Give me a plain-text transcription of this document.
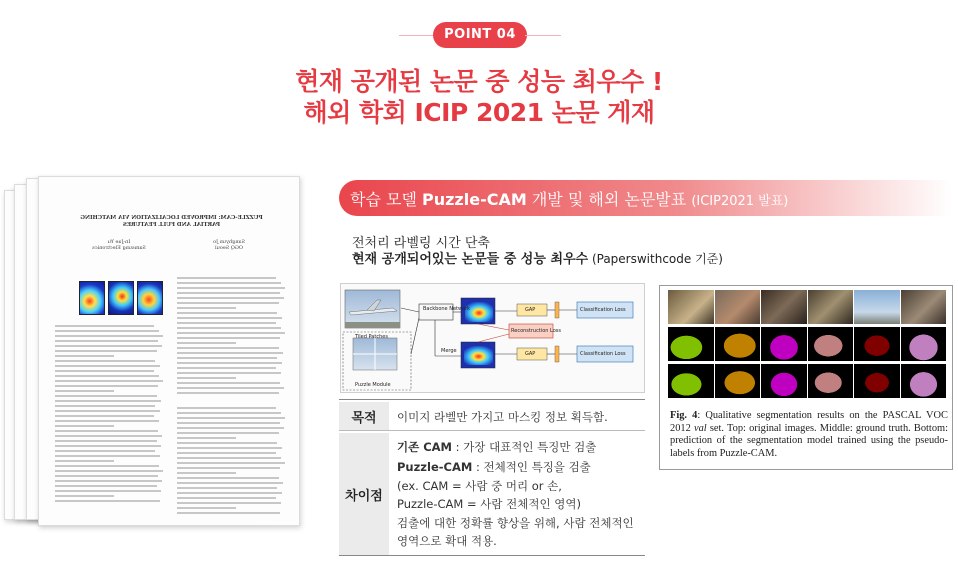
POINT 04
현재 공개된 논문 중 성능 최우수 !
해외 학회 ICIP 2021 논문 게재
PUZZLE-CAM: IMPROVED LOCALIZATION VIA MATCHING PARTIAL AND FULL FEATURES
Sanghyun Jo
OGQ Seoul
In-Jae Yu
Samsung Electronics
학습 모델 Puzzle-CAM 개발 및 해외 논문발표 (ICIP2021 발표)
전처리 라벨링 시간 단축
현재 공개되어있는 논문들 중 성능 최우수 (Paperswithcode 기준)
Backbone Network	GAP
GAP
Reconstruction Loss
Classification Loss
Classification Loss
Tiled Patches
Puzzle Module
Merge
목적	이미지 라벨만 가지고 마스킹 정보 획득함.
차이점
기존 CAM : 가장 대표적인 특징만 검출
Puzzle-CAM : 전체적인 특징을 검출
(ex. CAM = 사람 중 머리 or 손,
Puzzle-CAM = 사람 전체적인 영역)
검출에 대한 정확률 향상을 위해, 사람 전체적인
영역으로 확대 적용.
Fig. 4: Qualitative segmentation results on the PASCAL VOC 2012 val set. Top: original images. Middle: ground truth. Bottom: prediction of the segmentation model trained using the pseudo-labels from Puzzle-CAM.
